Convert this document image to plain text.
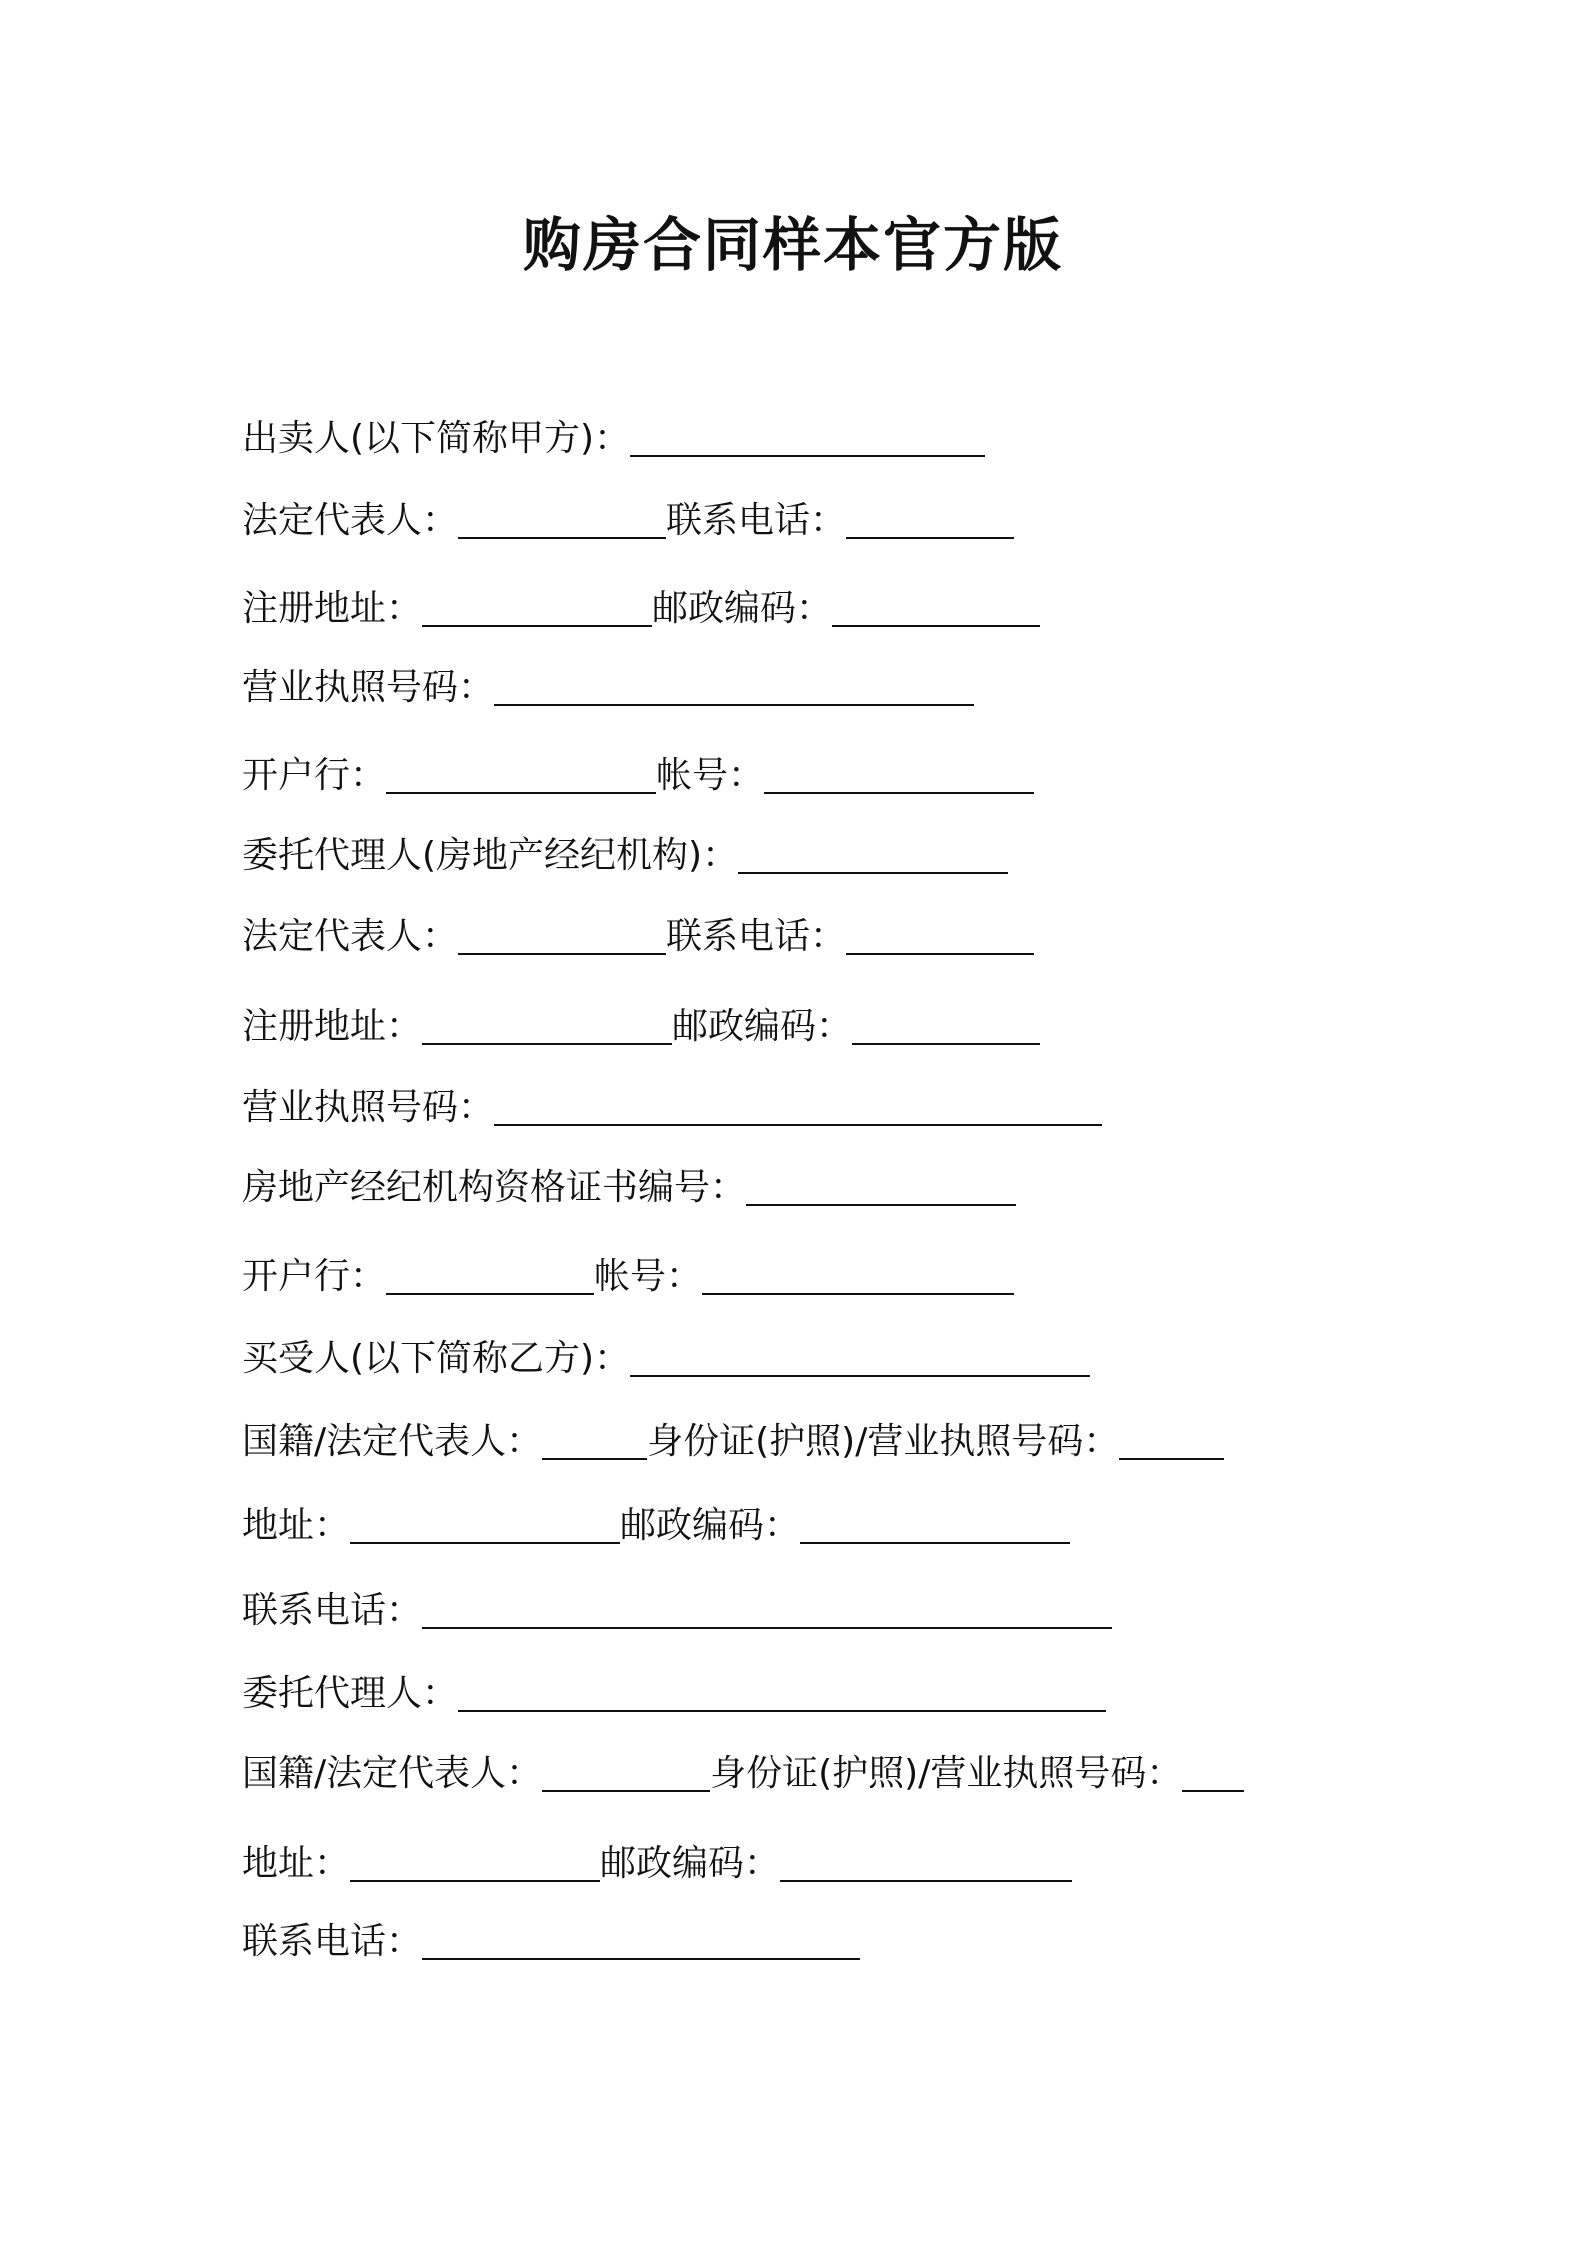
购房合同样本官方版
出卖人(以下简称甲方)：
法定代表人：	联系电话：
注册地址：	邮政编码：
营业执照号码：
开户行：	帐号：
委托代理人(房地产经纪机构)：
法定代表人：	联系电话：
注册地址：	邮政编码：
营业执照号码：
房地产经纪机构资格证书编号：
开户行：	帐号：
买受人(以下简称乙方)：
国籍/法定代表人：	身份证(护照)/营业执照号码：
地址：	邮政编码：
联系电话：
委托代理人：
国籍/法定代表人：	身份证(护照)/营业执照号码：
地址：	邮政编码：
联系电话：
